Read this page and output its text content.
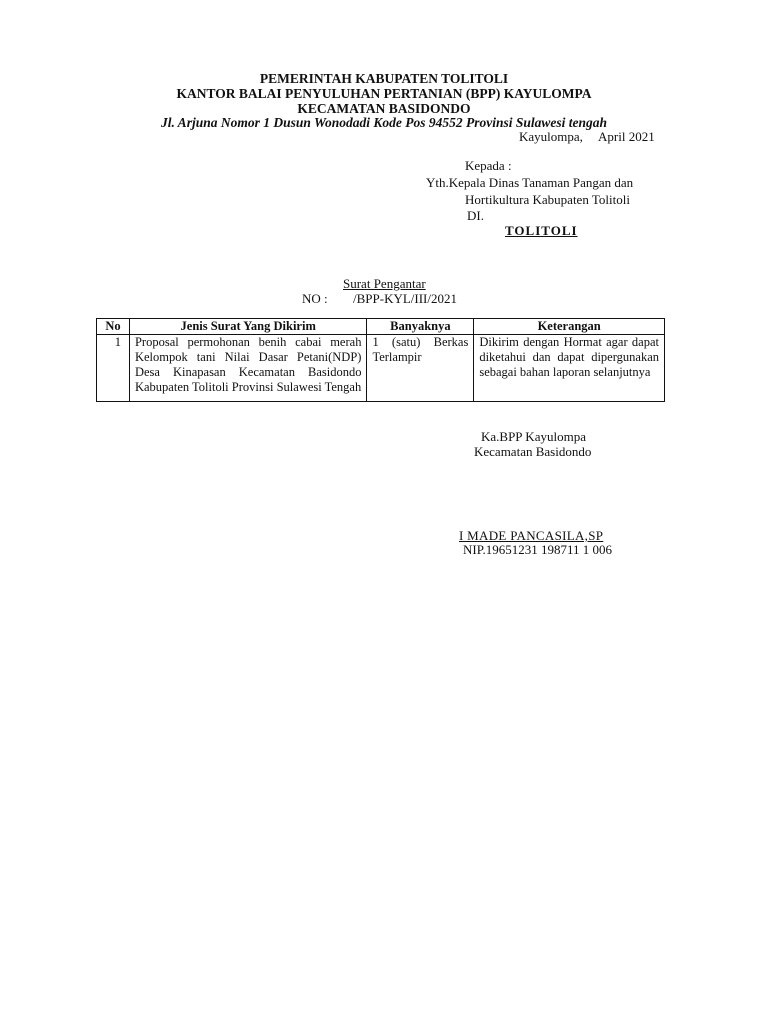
PEMERINTAH KABUPATEN TOLITOLI
KANTOR BALAI PENYULUHAN PERTANIAN (BPP) KAYULOMPA
KECAMATAN BASIDONDO
Jl. Arjuna Nomor 1 Dusun Wonodadi Kode Pos 94552 Provinsi Sulawesi tengah
Kayulompa, April 2021
Kepada :
Yth.Kepala Dinas Tanaman Pangan dan
Hortikultura Kabupaten Tolitoli
DI.
TOLITOLI
Surat Pengantar
NO : /BPP-KYL/III/2021
No	Jenis Surat Yang Dikirim	Banyaknya	Keterangan
1	Proposal permohonan benih cabai merah Kelompok tani Nilai Dasar Petani(NDP) Desa Kinapasan Kecamatan Basidondo Kabupaten Tolitoli Provinsi Sulawesi Tengah	1 (satu) Berkas Terlampir	Dikirim dengan Hormat agar dapat diketahui dan dapat dipergunakan sebagai bahan laporan selanjutnya
Ka.BPP Kayulompa
Kecamatan Basidondo
I MADE PANCASILA,SP
NIP.19651231 198711 1 006
